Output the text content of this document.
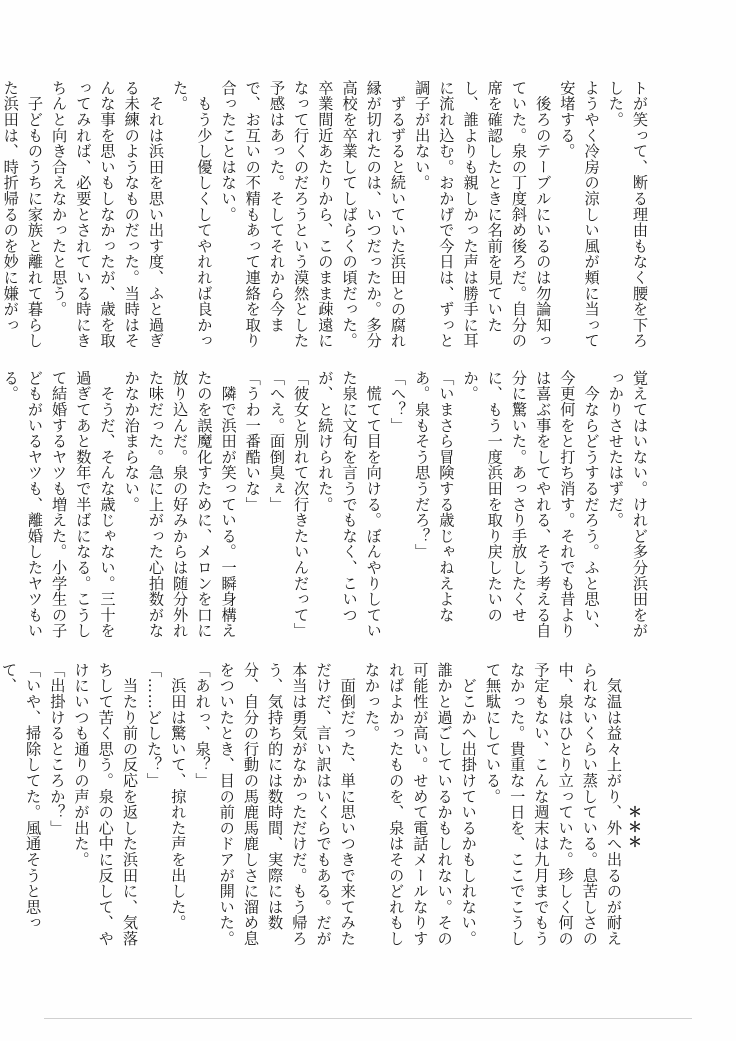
トが笑って、断る理由もなく腰を下ろした。
ようやく冷房の涼しい風が頬に当って安堵する。
　後ろのテーブルにいるのは勿論知っていた。泉の丁度斜め後ろだ。自分の席を確認したときに名前を見ていたし、誰よりも親しかった声は勝手に耳に流れ込む。おかげで今日は、ずっと調子が出ない。
　ずるずると続いていた浜田との腐れ縁が切れたのは、いつだったか。多分高校を卒業してしばらくの頃だった。卒業間近あたりから、このまま疎遠になって行くのだろうという漠然とした予感はあった。そしてそれから今まで、お互いの不精もあって連絡を取り合ったことはない。
　もう少し優しくしてやれれば良かった。
　それは浜田を思い出す度、ふと過ぎる未練のようなものだった。当時はそんな事を思いもしなかったが、歳を取ってみれば、必要とされている時にきちんと向き合えなかったと思う。
　子どものうちに家族と離れて暮らした浜田は、時折帰るのを妙に嫌がっ

覚えてはいない。けれど多分浜田をがっかりさせたはずだ。
　今ならどうするだろう。ふと思い、今更何をと打ち消す。それでも昔より は喜ぶ事をしてやれる、そう考える自分に驚いた。あっさり手放したくせに、もう一度浜田を取り戻したいのか。
「いまさら冒険する歳じゃねえよなあ。泉もそう思うだろ？」
「へ？」
　慌てて目を向ける。ぼんやりしていた泉に文句を言うでもなく、こいつが、と続けられた。
「彼女と別れて次行きたいんだって」
「へえ。面倒臭ぇ」
「うわ一番酷いな」
　隣で浜田が笑っている。一瞬身構えたのを誤魔化すために、メロンを口に放り込んだ。泉の好みからは随分外れた味だった。急に上がった心拍数がなかなか治まらない。
　そうだ、そんな歳じゃない。三十を過ぎてあと数年で半ばになる。こうして結婚するヤツも増えた。小学生の子どもがいるヤツも、離婚したヤツもいる。

　気温は益々上がり、外へ出るのが耐えられないくらい蒸している。息苦しさの中、泉はひとり立っていた。珍しく何の予定もない、こんな週末は九月までもうなかった。貴重な一日を、ここでこうして無駄にしている。
　どこかへ出掛けているかもしれない。誰かと過ごしているかもしれない。その可能性が高い。せめて電話メールなりすればよかったものを、泉はそのどれもしなかった。
　面倒だった、単に思いつきで来てみただけだ、言い訳はいくらでもある。だが本当は勇気がなかっただけだ。もう帰ろう、気持ち的には数時間、実際には数分、自分の行動の馬鹿馬鹿しさに溜め息をついたとき、目の前のドアが開いた。
「あれっ、泉？」
　浜田は驚いて、掠れた声を出した。
「……どした？」
　当たり前の反応を返した浜田に、気落ちして苦く思う。泉の心中に反して、やけにいつも通りの声が出た。
「出掛けるところか？」
「いや、掃除してた。風通そうと思って、

＊＊＊
